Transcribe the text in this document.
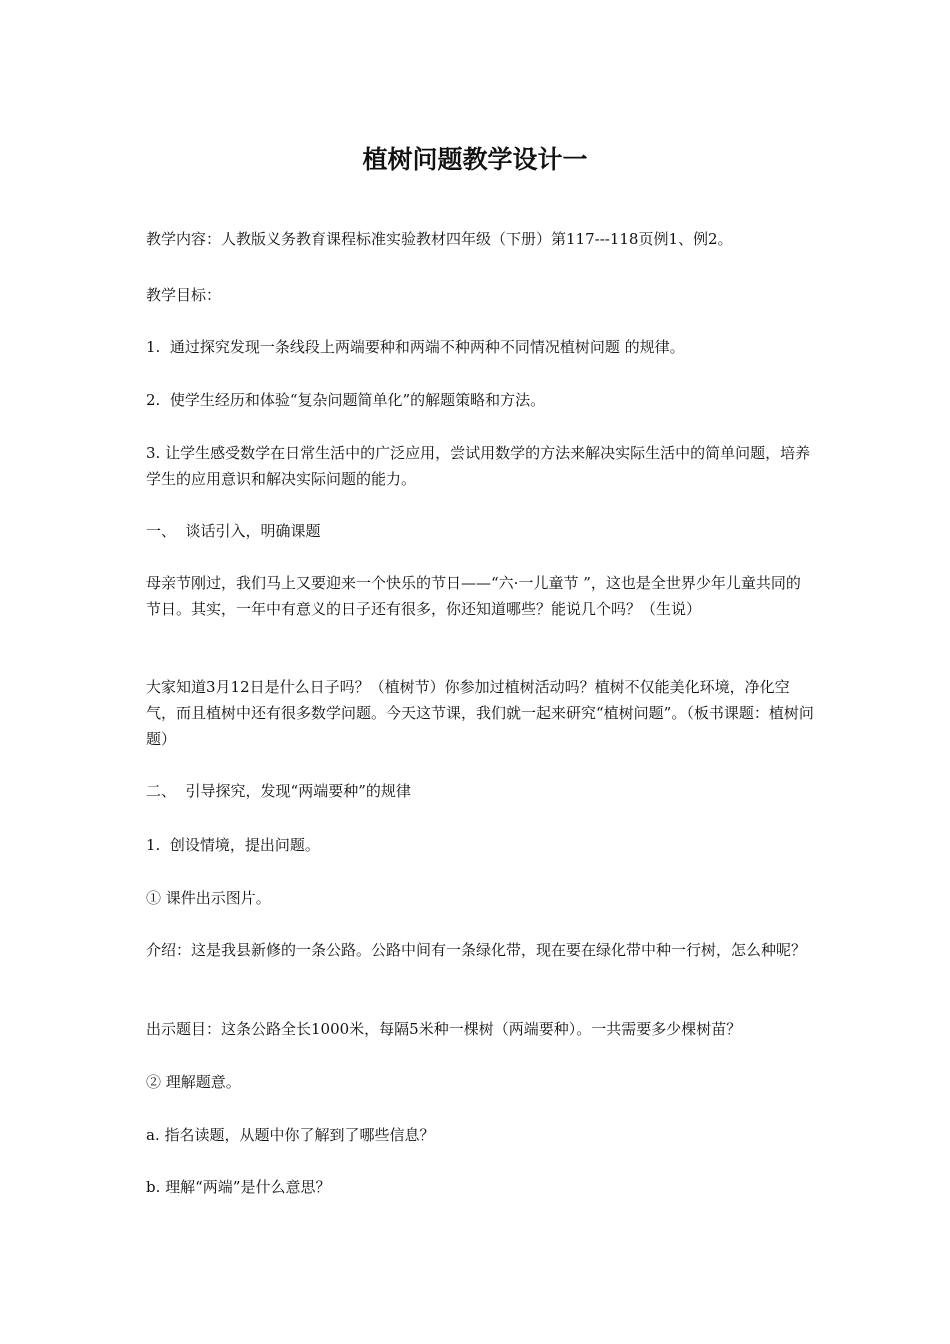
植树问题教学设计一
教学内容：人教版义务教育课程标准实验教材四年级（下册）第117---118页例1、例2。
教学目标：
1.  通过探究发现一条线段上两端要种和两端不种两种不同情况植树问题 的规律。
2.  使学生经历和体验“复杂问题简单化”的解题策略和方法。
3. 让学生感受数学在日常生活中的广泛应用，尝试用数学的方法来解决实际生活中的简单问题，培养学生的应用意识和解决实际问题的能力。
一、  谈话引入，明确课题
母亲节刚过，我们马上又要迎来一个快乐的节日——“六·一儿童节 ”，这也是全世界少年儿童共同的节日。其实，一年中有意义的日子还有很多，你还知道哪些？能说几个吗？（生说）
大家知道3月12日是什么日子吗？（植树节）你参加过植树活动吗？植树不仅能美化环境，净化空气，而且植树中还有很多数学问题。今天这节课，我们就一起来研究“植树问题”。（板书课题：植树问题）
二、  引导探究，发现“两端要种”的规律
1.  创设情境，提出问题。
① 课件出示图片。
介绍：这是我县新修的一条公路。公路中间有一条绿化带，现在要在绿化带中种一行树，怎么种呢？
出示题目：这条公路全长1000米，每隔5米种一棵树（两端要种）。一共需要多少棵树苗？
② 理解题意。
a. 指名读题，从题中你了解到了哪些信息？
b. 理解“两端”是什么意思？
